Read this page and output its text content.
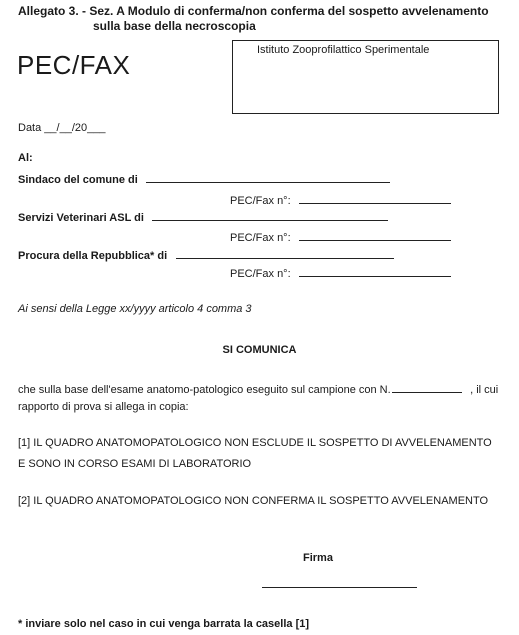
Allegato 3. - Sez. A Modulo di conferma/non conferma del sospetto avvelenamento
sulla base della necroscopia
PEC/FAX	Istituto Zooprofilattico Sperimentale
Data __/__/20___
Al:
Sindaco del comune di
PEC/Fax n°:
Servizi Veterinari ASL di
PEC/Fax n°:
Procura della Repubblica* di
PEC/Fax n°:
Ai sensi della Legge xx/yyyy articolo 4 comma 3
SI COMUNICA
che sulla base dell'esame anatomo-patologico eseguito sul campione con N.	, il cui
rapporto di prova si allega in copia:
[1] IL QUADRO ANATOMOPATOLOGICO NON ESCLUDE IL SOSPETTO DI AVVELENAMENTO
E SONO IN CORSO ESAMI DI LABORATORIO
[2] IL QUADRO ANATOMOPATOLOGICO NON CONFERMA IL SOSPETTO AVVELENAMENTO
Firma
* inviare solo nel caso in cui venga barrata la casella [1]
